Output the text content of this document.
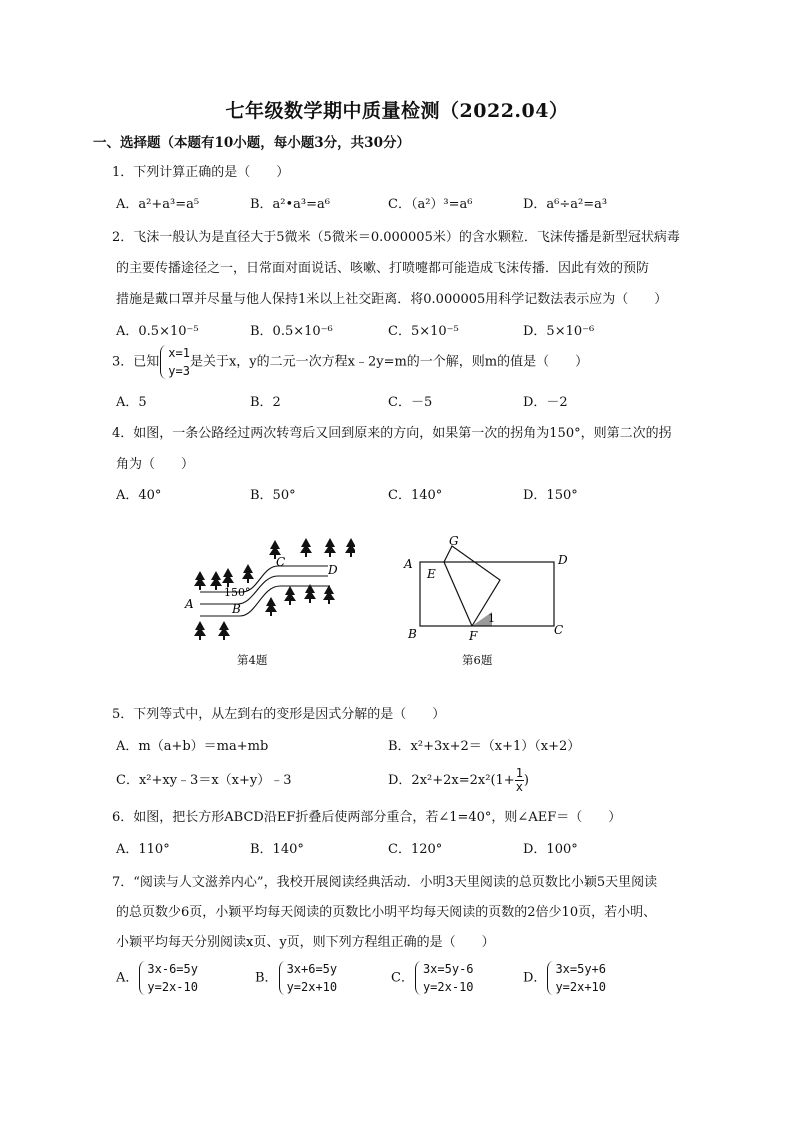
七年级数学期中质量检测（2022.04）
一、选择题（本题有10小题，每小题3分，共30分）
1．下列计算正确的是（　　）
A．a²+a³=a⁵	B．a²•a³=a⁶	C．（a²）³=a⁶	D．a⁶÷a²=a³
2．飞沫一般认为是直径大于5微米（5微米＝0.000005米）的含水颗粒．飞沫传播是新型冠状病毒
的主要传播途径之一，日常面对面说话、咳嗽、打喷嚏都可能造成飞沫传播．因此有效的预防
措施是戴口罩并尽量与他人保持1米以上社交距离．将0.000005用科学记数法表示应为（　　）
A．0.5×10⁻⁵	B．0.5×10⁻⁶	C．5×10⁻⁵	D．5×10⁻⁶
3．已知
x=1
y=3
是关于x，y的二元一次方程x﹣2y=m的一个解，则m的值是（　　）
A．5	B．2	C．－5	D．－2
4．如图，一条公路经过两次转弯后又回到原来的方向，如果第一次的拐角为150°，则第二次的拐
角为（　　）
A．40°	B．50°	C．140°	D．150°
A
150°
B
C
D
第4题
A
B	C
D
E
F
G
1
第6题
5．下列等式中，从左到右的变形是因式分解的是（　　）
A．m（a+b）＝ma+mb	B．x²+3x+2＝（x+1）（x+2）
C．x²+xy﹣3＝x（x+y）﹣3	D．$2x^2+2x=2x^2(1+ \frac{1}{x}$ )
6．如图，把长方形ABCD沿EF折叠后使两部分重合，若∠1=40°，则∠AEF＝（　　）
A．110°	B．140°	C．120°	D．100°
7．“阅读与人文滋养内心”，我校开展阅读经典活动．小明3天里阅读的总页数比小颖5天里阅读
的总页数少6页，小颖平均每天阅读的页数比小明平均每天阅读的页数的2倍少10页，若小明、
小颖平均每天分别阅读x页、y页，则下列方程组正确的是（　　）
A．
3x-6=5y
y=2x-10
B．
3x+6=5y
y=2x+10
C．
3x=5y-6
y=2x-10
D．
3x=5y+6
y=2x+10
